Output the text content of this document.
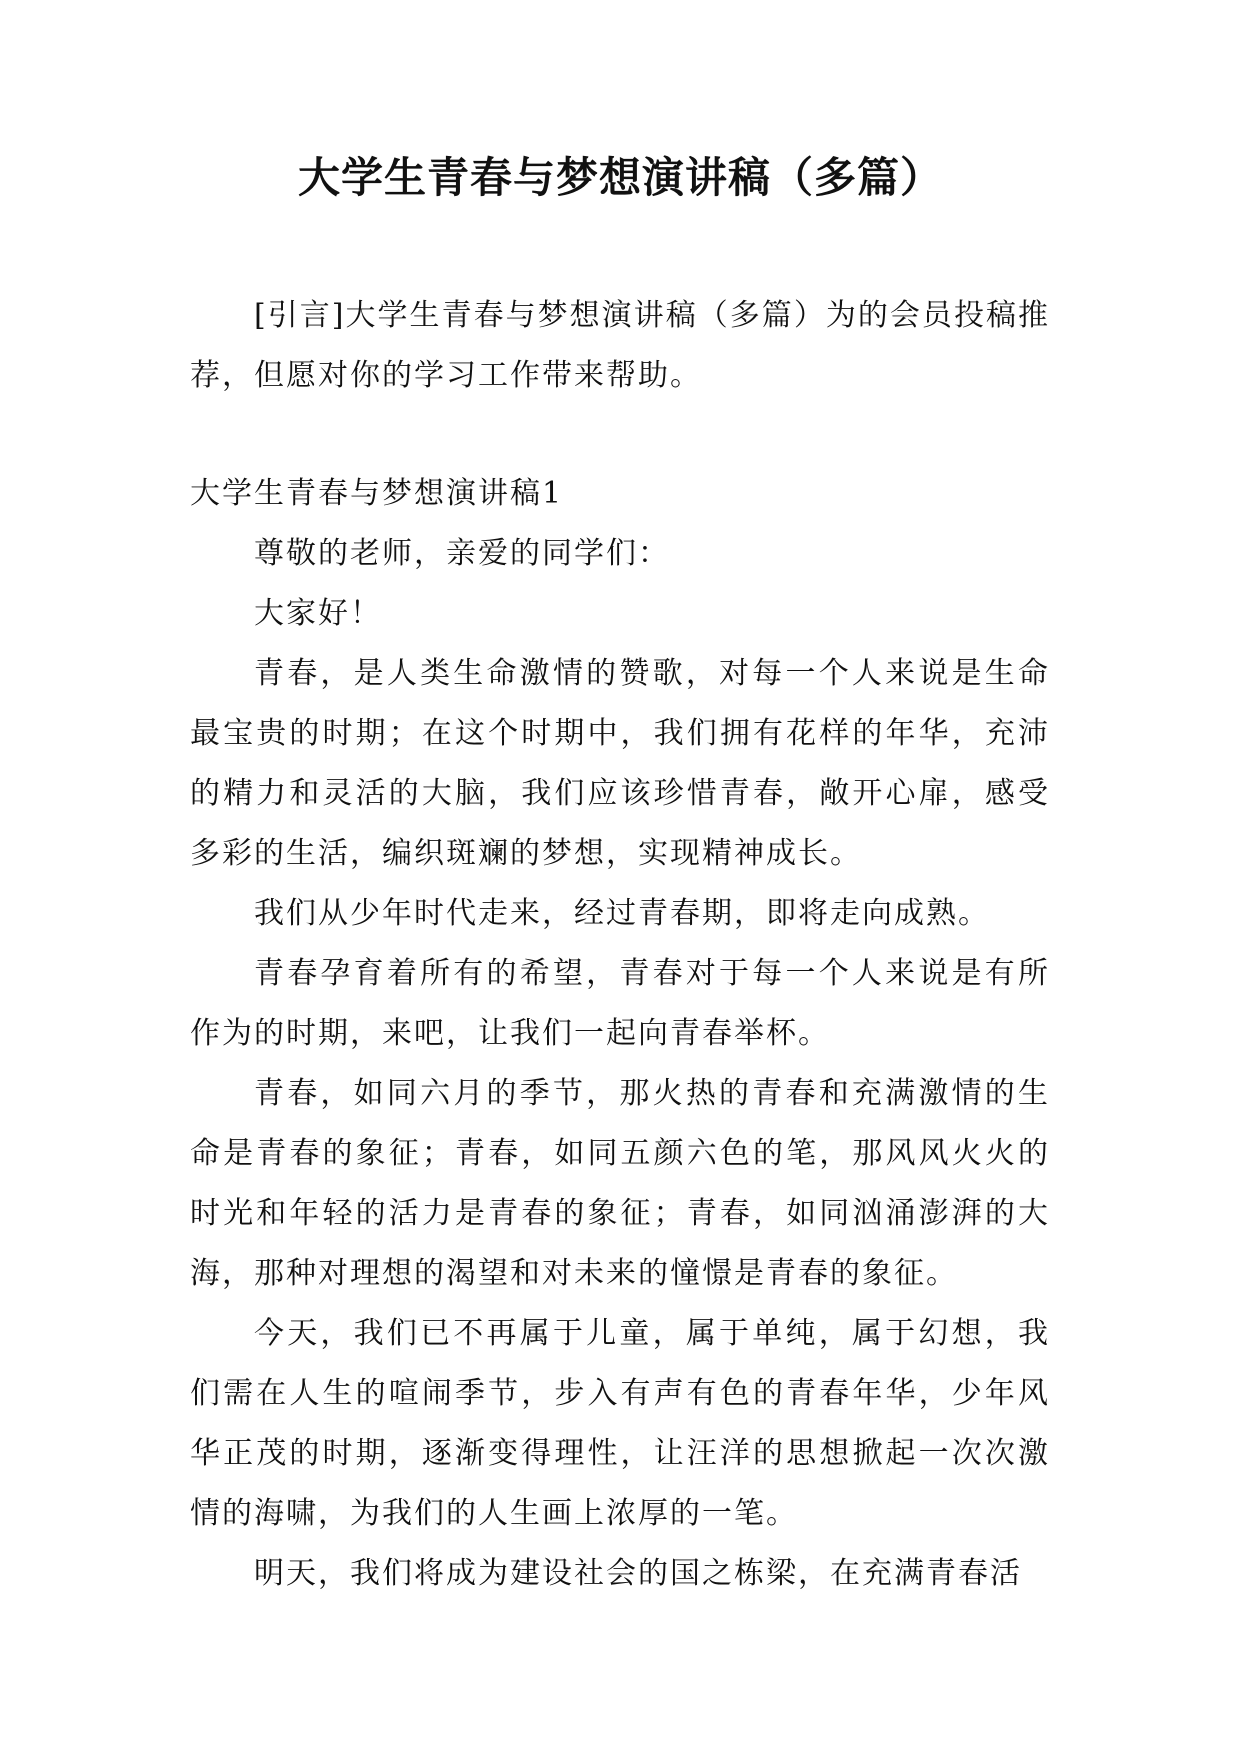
大学生青春与梦想演讲稿（多篇）

[引言]大学生青春与梦想演讲稿（多篇）为的会员投稿推荐，但愿对你的学习工作带来帮助。

大学生青春与梦想演讲稿1

尊敬的老师，亲爱的同学们：

大家好！

青春，是人类生命激情的赞歌，对每一个人来说是生命最宝贵的时期；在这个时期中，我们拥有花样的年华，充沛的精力和灵活的大脑，我们应该珍惜青春，敞开心扉，感受多彩的生活，编织斑斓的梦想，实现精神成长。

我们从少年时代走来，经过青春期，即将走向成熟。

青春孕育着所有的希望，青春对于每一个人来说是有所作为的时期，来吧，让我们一起向青春举杯。

青春，如同六月的季节，那火热的青春和充满激情的生命是青春的象征；青春，如同五颜六色的笔，那风风火火的时光和年轻的活力是青春的象征；青春，如同汹涌澎湃的大海，那种对理想的渴望和对未来的憧憬是青春的象征。

今天，我们已不再属于儿童，属于单纯，属于幻想，我们需在人生的喧闹季节，步入有声有色的青春年华，少年风华正茂的时期，逐渐变得理性，让汪洋的思想掀起一次次激情的海啸，为我们的人生画上浓厚的一笔。

明天，我们将成为建设社会的国之栋梁，在充满青春活
